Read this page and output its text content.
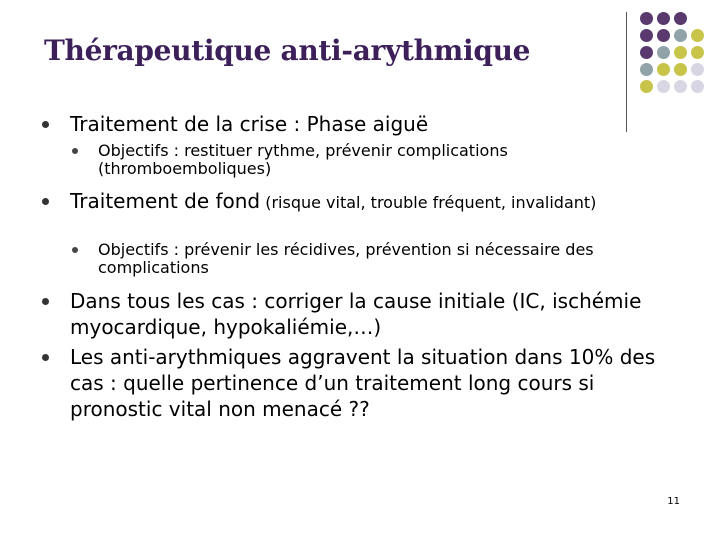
Thérapeutique anti-arythmique
Traitement de la crise : Phase aiguë
Objectifs : restituer rythme, prévenir complications (thromboemboliques)
Traitement de fond (risque vital, trouble fréquent, invalidant)
Objectifs : prévenir les récidives, prévention si nécessaire des complications
Dans tous les cas : corriger la cause initiale (IC, ischémie myocardique, hypokaliémie,…)
Les anti-arythmiques aggravent la situation dans 10% des cas : quelle pertinence d’un traitement long cours si pronostic vital non menacé ??
11
